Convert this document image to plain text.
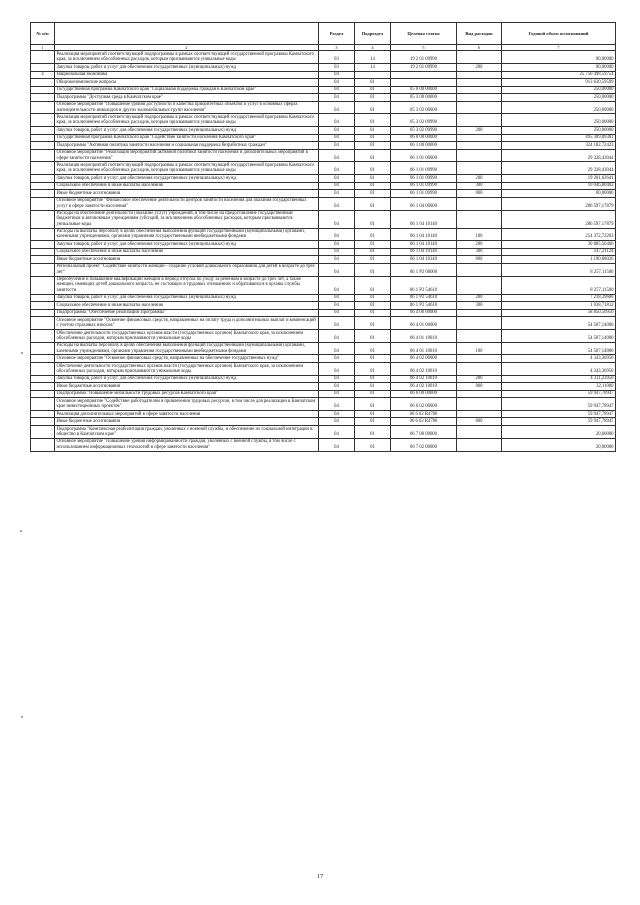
№ п/п		Раздел	Подраздел	Целевая статья	Вид расходов	Годовой объем ассигнований
1	2	3	4	5	6	7
	Реализация мероприятий соответствующей подпрограммы в рамках соответствующей государственной программы Камчатского края, за исключением обособленных расходов, которым присваиваются уникальные коды	03	14	19 2 01 09990		90,00000
	Закупка товаров, работ и услуг для обеспечения государственных (муниципальных) нужд	03	14	19 2 01 09990	200	90,00000
4	Национальная экономика	04				25 750 498,59754
	Общеэкономические вопросы	04	01			913 630,59599
	Государственная программа Камчатского края "Социальная поддержка граждан в Камчатском крае"	04	01	05 0 00 00000		250,00000
	Подпрограмма "Доступная среда в Камчатском крае"	04	01	05 3 00 00000		250,00000
	Основное мероприятие "Повышение уровня доступности и качества приоритетных объектов и услуг в основных сферах жизнедеятельности инвалидов и других маломобильных групп населения"	04	01	05 3 02 00000		250,00000
	Реализация мероприятий соответствующей подпрограммы в рамках соответствующей государственной программы Камчатского края, за исключением обособленных расходов, которым присваиваются уникальные коды	04	01	05 3 02 09990		250,00000
	Закупка товаров, работ и услуг для обеспечения государственных (муниципальных) нужд	04	01	05 3 02 09990	200	250,00000
	Государственная программа Камчатского края "Содействие занятости населения Камчатского края"	04	01	06 0 00 00000		495 309,89381
	Подпрограмма "Активная политика занятости населения и социальная поддержка безработных граждан"	04	01	06 1 00 00000		324 182,72423
	Основное мероприятие "Реализация мероприятий активной политики занятости населения и дополнительных мероприятий в сфере занятости населения"	04	01	06 1 01 00000		29 328,43044
	Реализация мероприятий соответствующей подпрограммы в рамках соответствующей государственной программы Камчатского края, за исключением обособленных расходов, которым присваиваются уникальные коды	04	01	06 1 01 09990		29 328,43044
	Закупка товаров, работ и услуг для обеспечения государственных (муниципальных) нужд	04	01	06 1 01 09990	200	19 201,62641
	Социальное обеспечение и иные выплаты населению	04	01	06 1 01 09990	300	10 046,80403
	Иные бюджетные ассигнования	04	01	06 1 01 09990	800	80,00000
	Основное мероприятие "Финансовое обеспечение деятельности центров занятости населения для оказания государственных услуг в сфере занятости населения"	04	01	06 1 04 00000		286 597,17879
	Расходы на обеспечение деятельности (оказание услуг) учреждений, в том числе на предоставление государственным бюджетным и автономным учреждениям субсидий, за исключением обособленных расходов, которым присваиваются уникальные коды	04	01	06 1 04 10140		286 597,17879
	Расходы на выплаты персоналу в целях обеспечения выполнения функций государственными (муниципальными) органами, казенными учреждениями, органами управления государственными внебюджетными фондами	04	01	06 1 04 10140	100	254 372,72263
	Закупка товаров, работ и услуг для обеспечения государственных (муниципальных) нужд	04	01	06 1 04 10140	200	30 885,56466
	Социальное обеспечение и иные выплаты населению	04	01	06 1 04 10140	300	147,21124
	Иные бюджетные ассигнования	04	01	06 1 04 10140	800	1 190,68026
	Региональный проект "Содействие занятости женщин - создание условий дошкольного образования для детей в возрасте до трех лет"	04	01	06 1 P2 00000		8 257,11500
	Переобучение и повышение квалификации женщин в период отпуска по уходу за ребенком в возрасте до трех лет, а также женщин, имеющих детей дошкольного возраста, не состоящих в трудовых отношениях и обратившихся в органы службы занятости	04	01	06 1 P2 54610		8 257,11500
	Закупка товаров, работ и услуг для обеспечения государственных (муниципальных) нужд	04	01	06 1 P2 54610	200	7 218,39688
	Социальное обеспечение и иные выплаты населению	04	01	06 1 P2 54610	300	1 038,71812
	Подпрограмма "Обеспечение реализации Программы"	04	01	06 4 00 00000		58 850,50950
	Основное мероприятие "Освоение финансовых средств, направленных на оплату труда и дополнительных выплат и компенсаций с учетом страховых взносов"	04	01	06 4 01 00000		54 507,14000
	Обеспечение деятельности государственных органов власти (государственных органов) Камчатского края, за исключением обособленных расходов, которым присваиваются уникальные коды	04	01	06 4 01 10010		54 507,14000
	Расходы на выплаты персоналу в целях обеспечения выполнения функций государственными (муниципальными) органами, казенными учреждениями, органами управления государственными внебюджетными фондами	04	01	06 4 01 10010	100	54 507,14000
	Основное мероприятие "Освоение финансовых средств, направленных на обеспечение государственных нужд"	04	01	06 4 02 00000		4 343,36950
	Обеспечение деятельности государственных органов власти (государственных органов) Камчатского края, за исключением обособленных расходов, которым присваиваются уникальные коды	04	01	06 4 02 10010		4 343,36950
	Закупка товаров, работ и услуг для обеспечения государственных (муниципальных) нужд	04	01	06 4 02 10010	200	4 311,23950
	Иные бюджетные ассигнования	04	01	06 4 02 10010	800	32,11000
	Подпрограмма "Повышение мобильности трудовых ресурсов Камчатского края"	04	01	06 6 00 00000		59 947,78947
	Основное мероприятие "Содействие работодателям в привлечении трудовых ресурсов, в том числе для реализации в Камчатском крае инвестиционных проектов"	04	01	06 6 02 00000		59 947,78947
	Реализация дополнительных мероприятий в сфере занятости населения	04	01	06 6 02 R4780		59 947,78947
	Иные бюджетные ассигнования	04	01	06 6 02 R4780	800	59 947,78947
	Подпрограмма "Комплексная реабилитация граждан, уволенных с военной службы, и обеспечение их социальной интеграции в общество в Камчатском крае"	04	01	06 7 00 00000		20,00000
	Основное мероприятие "Повышение уровня информированности граждан, уволенных с военной службы, в том числе с использованием информационных технологий в сфере занятости населения"	04	01	06 7 02 00000		20,00000
17
